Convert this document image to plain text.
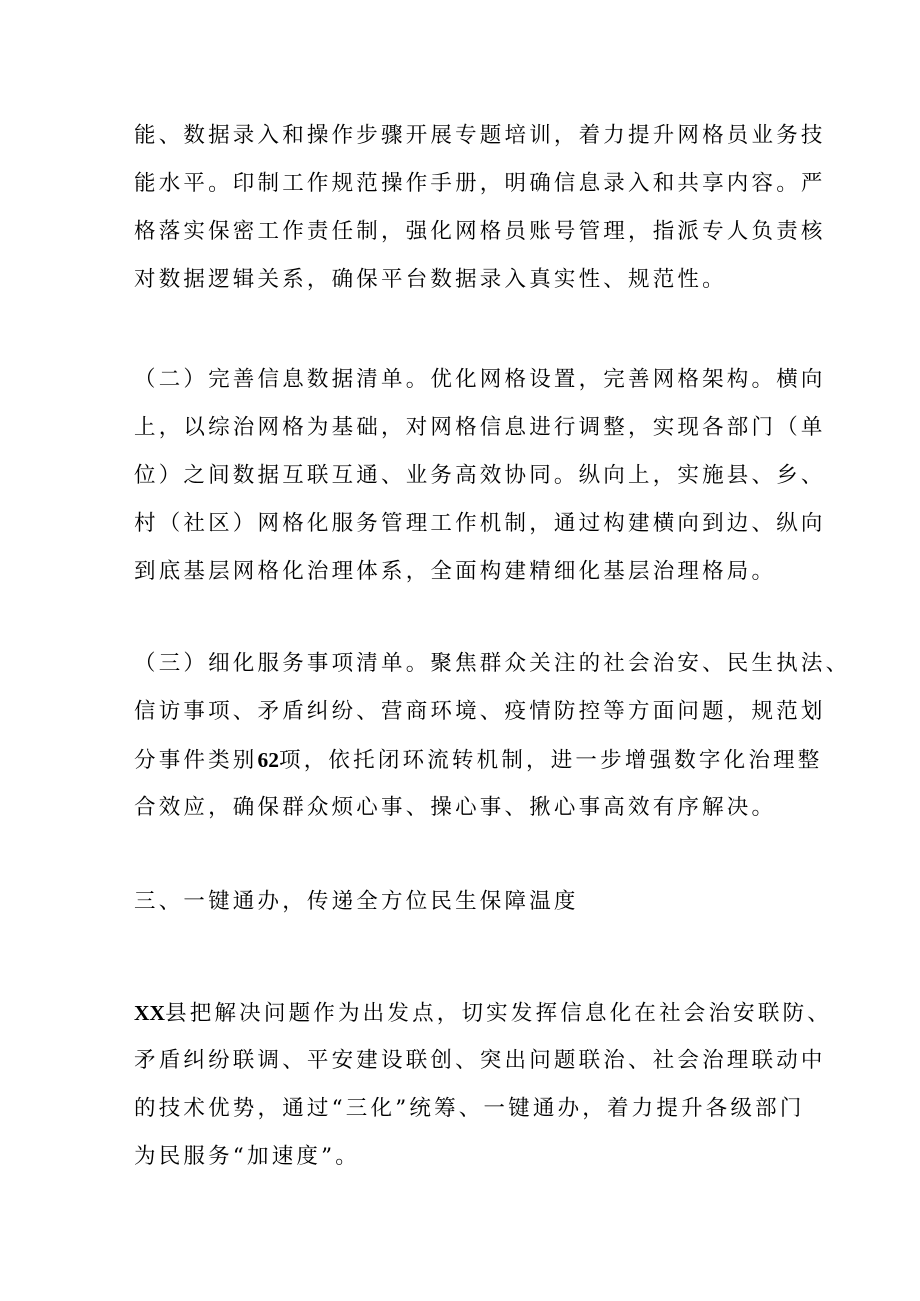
能、数据录入和操作步骤开展专题培训，着力提升网格员业务技
能水平。印制工作规范操作手册，明确信息录入和共享内容。严
格落实保密工作责任制，强化网格员账号管理，指派专人负责核
对数据逻辑关系，确保平台数据录入真实性、规范性。
（二）完善信息数据清单。优化网格设置，完善网格架构。横向
上，以综治网格为基础，对网格信息进行调整，实现各部门（单
位）之间数据互联互通、业务高效协同。纵向上，实施县、乡、
村（社区）网格化服务管理工作机制，通过构建横向到边、纵向
到底基层网格化治理体系，全面构建精细化基层治理格局。
（三）细化服务事项清单。聚焦群众关注的社会治安、民生执法、
信访事项、矛盾纠纷、营商环境、疫情防控等方面问题，规范划
分事件类别62项，依托闭环流转机制，进一步增强数字化治理整
合效应，确保群众烦心事、操心事、揪心事高效有序解决。
三、一键通办，传递全方位民生保障温度
XX县把解决问题作为出发点，切实发挥信息化在社会治安联防、
矛盾纠纷联调、平安建设联创、突出问题联治、社会治理联动中
的技术优势，通过“三化”统筹、一键通办，着力提升各级部门
为民服务“加速度”。
